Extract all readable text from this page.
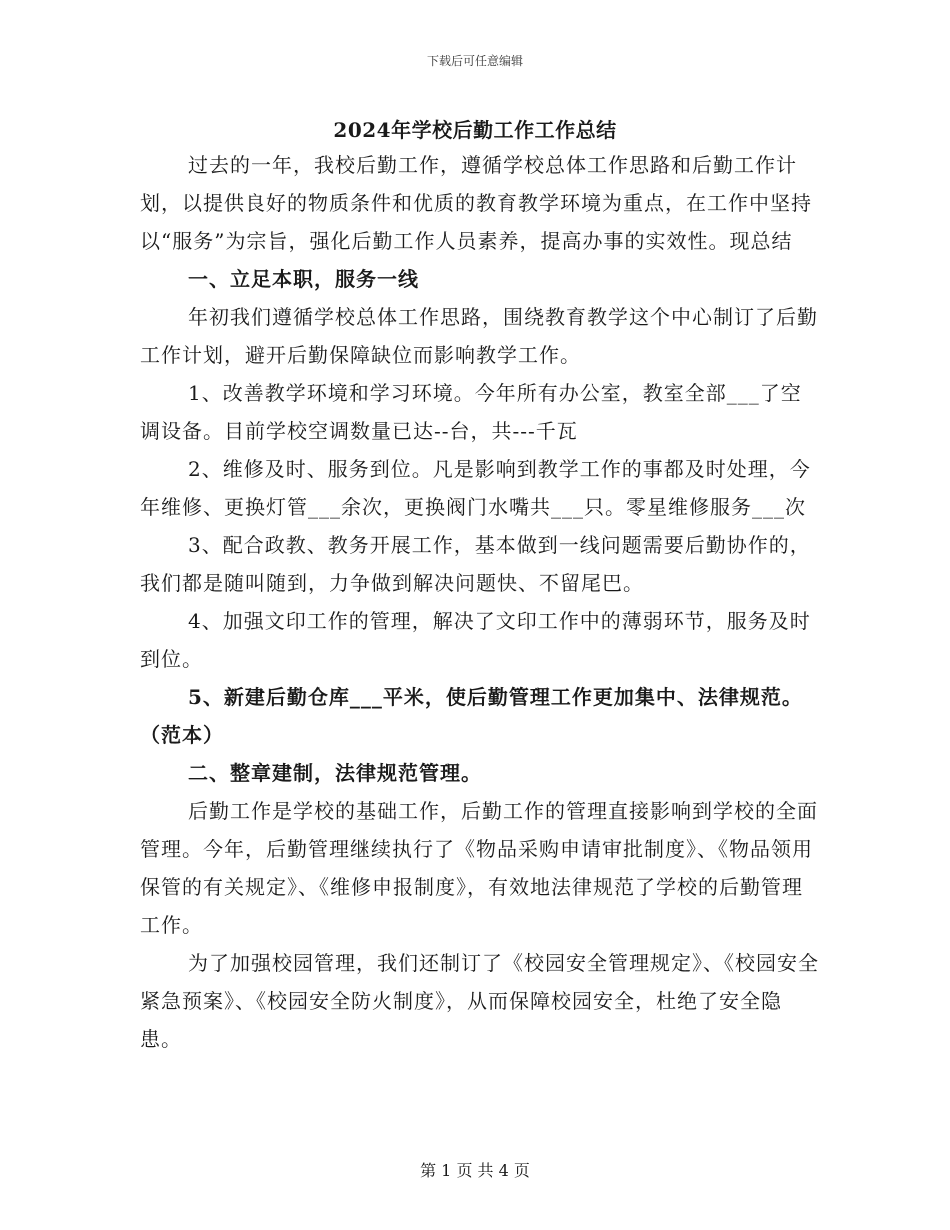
下载后可任意编辑
2024年学校后勤工作工作总结

过去的一年，我校后勤工作，遵循学校总体工作思路和后勤工作计划，以提供良好的物质条件和优质的教育教学环境为重点，在工作中坚持以“服务”为宗旨，强化后勤工作人员素养，提高办事的实效性。现总结

一、立足本职，服务一线

年初我们遵循学校总体工作思路，围绕教育教学这个中心制订了后勤工作计划，避开后勤保障缺位而影响教学工作。

1、改善教学环境和学习环境。今年所有办公室，教室全部___了空调设备。目前学校空调数量已达--台，共---千瓦

2、维修及时、服务到位。凡是影响到教学工作的事都及时处理，今年维修、更换灯管___余次，更换阀门水嘴共___只。零星维修服务___次

3、配合政教、教务开展工作，基本做到一线问题需要后勤协作的，我们都是随叫随到，力争做到解决问题快、不留尾巴。

4、加强文印工作的管理，解决了文印工作中的薄弱环节，服务及时到位。

5、新建后勤仓库___平米，使后勤管理工作更加集中、法律规范。（范本）

二、整章建制，法律规范管理。

后勤工作是学校的基础工作，后勤工作的管理直接影响到学校的全面管理。今年，后勤管理继续执行了《物品采购申请审批制度》、《物品领用保管的有关规定》、《维修申报制度》，有效地法律规范了学校的后勤管理工作。

为了加强校园管理，我们还制订了《校园安全管理规定》、《校园安全紧急预案》、《校园安全防火制度》，从而保障校园安全，杜绝了安全隐患。

第 1 页 共 4 页
